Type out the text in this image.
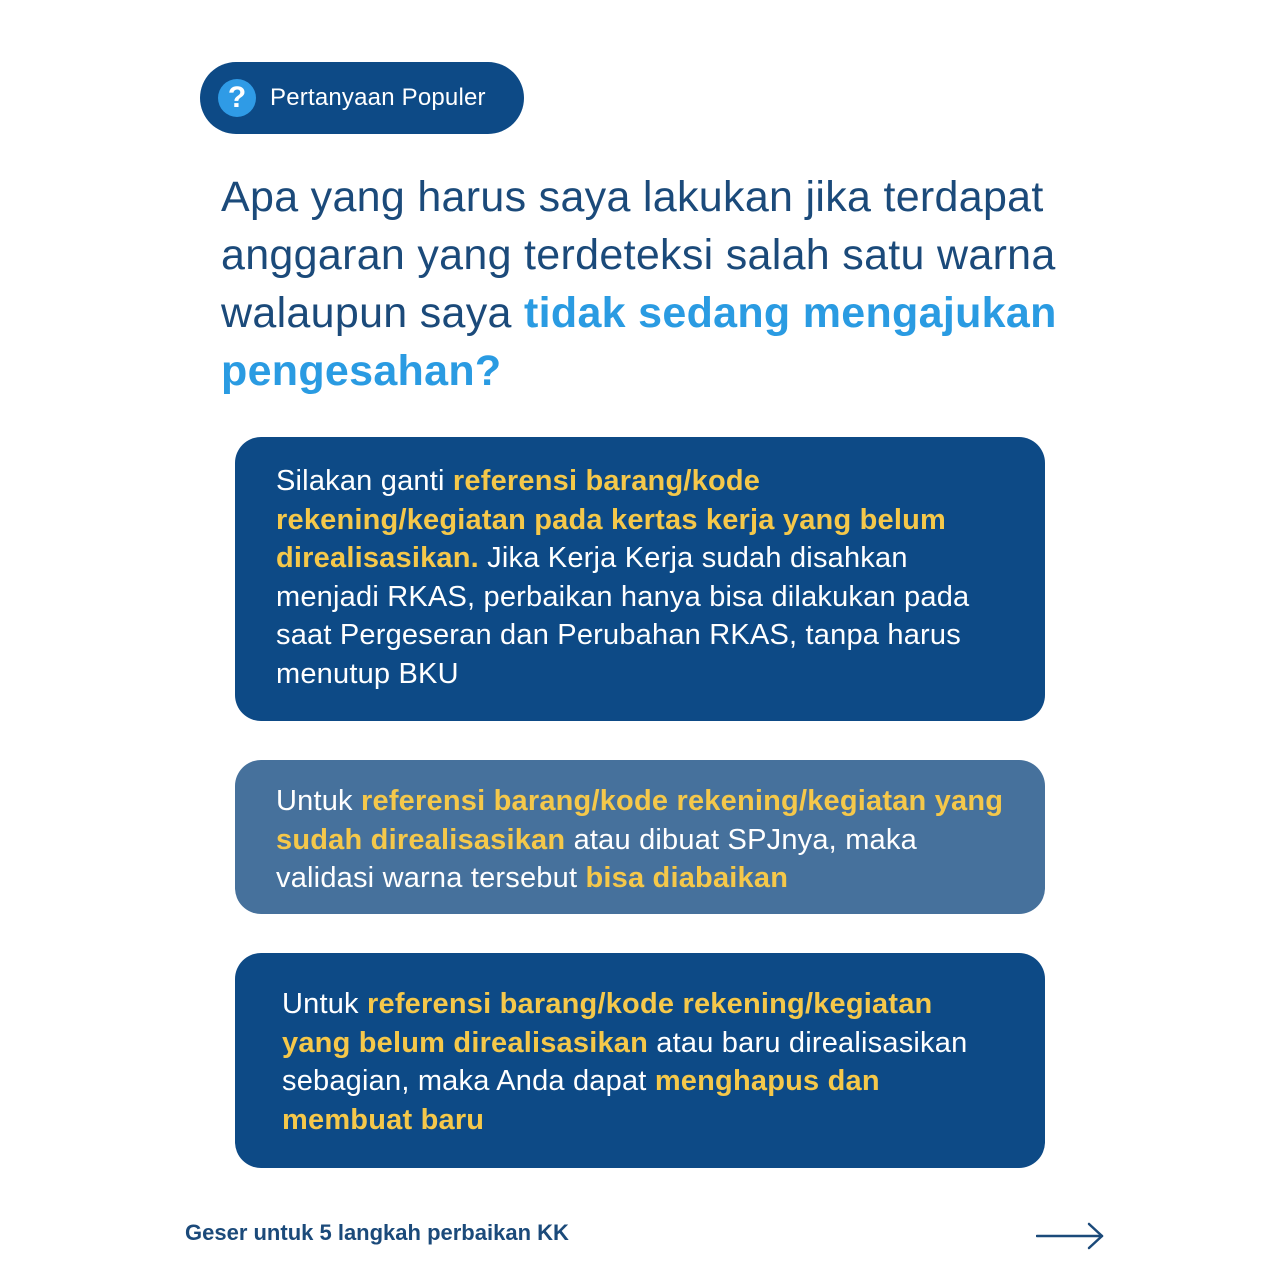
? Pertanyaan Populer
Apa yang harus saya lakukan jika terdapat anggaran yang terdeteksi salah satu warna walaupun saya tidak sedang mengajukan pengesahan?
Silakan ganti referensi barang/kode rekening/kegiatan pada kertas kerja yang belum direalisasikan. Jika Kerja Kerja sudah disahkan menjadi RKAS, perbaikan hanya bisa dilakukan pada saat Pergeseran dan Perubahan RKAS, tanpa harus menutup BKU
Untuk referensi barang/kode rekening/kegiatan yang sudah direalisasikan atau dibuat SPJnya, maka validasi warna tersebut bisa diabaikan
Untuk referensi barang/kode rekening/kegiatan yang belum direalisasikan atau baru direalisasikan sebagian, maka Anda dapat menghapus dan membuat baru
Geser untuk 5 langkah perbaikan KK
